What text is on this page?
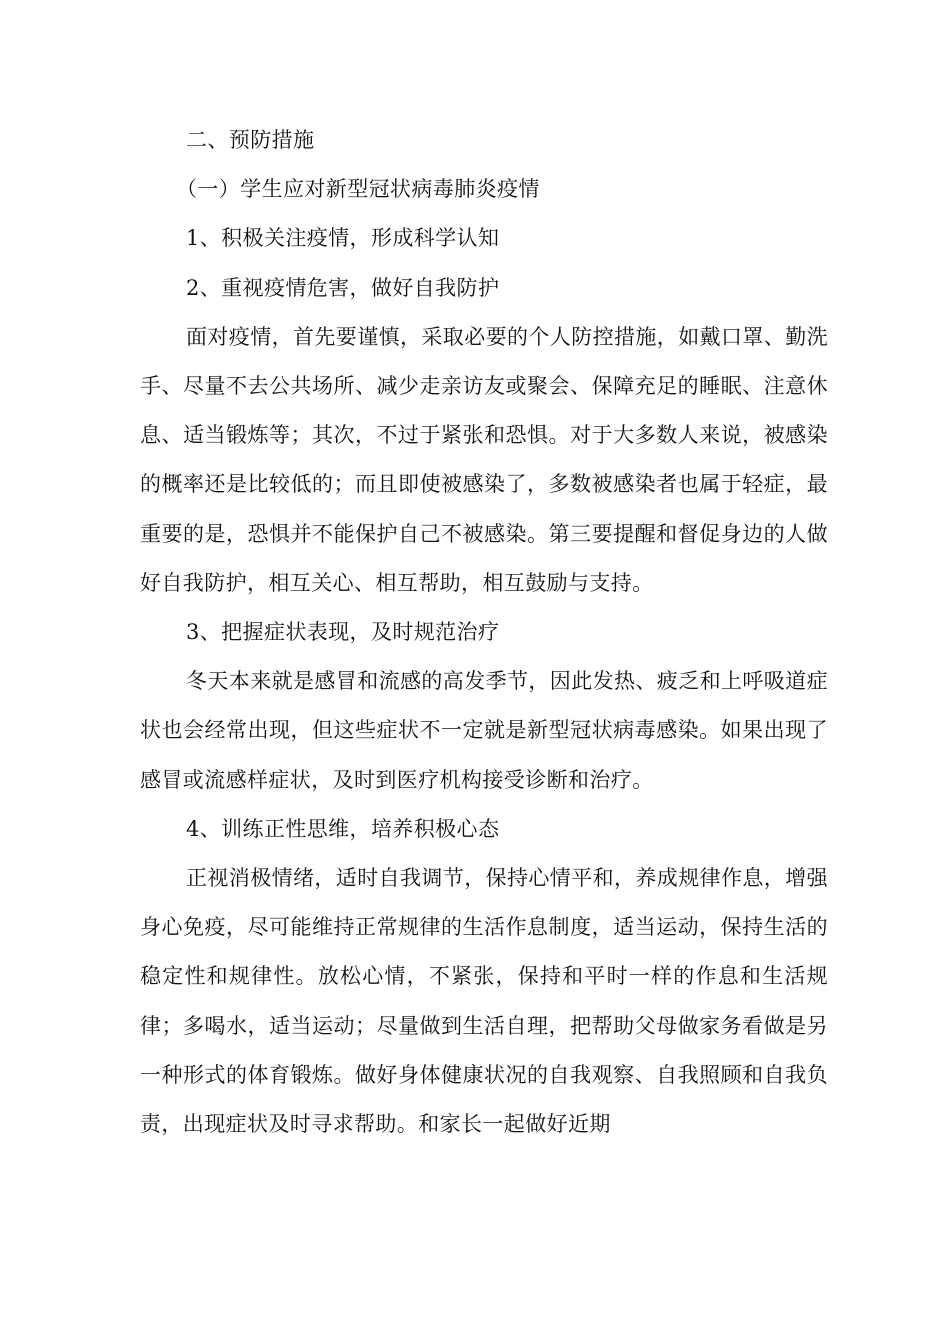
二、预防措施

（一）学生应对新型冠状病毒肺炎疫情

1、积极关注疫情，形成科学认知

2、重视疫情危害，做好自我防护

面对疫情，首先要谨慎，采取必要的个人防控措施，如戴口罩、勤洗手、尽量不去公共场所、减少走亲访友或聚会、保障充足的睡眠、注意休息、适当锻炼等；其次，不过于紧张和恐惧。对于大多数人来说，被感染的概率还是比较低的；而且即使被感染了，多数被感染者也属于轻症，最重要的是，恐惧并不能保护自己不被感染。第三要提醒和督促身边的人做好自我防护，相互关心、相互帮助，相互鼓励与支持。

3、把握症状表现，及时规范治疗

冬天本来就是感冒和流感的高发季节，因此发热、疲乏和上呼吸道症状也会经常出现，但这些症状不一定就是新型冠状病毒感染。如果出现了感冒或流感样症状，及时到医疗机构接受诊断和治疗。

4、训练正性思维，培养积极心态

正视消极情绪，适时自我调节，保持心情平和，养成规律作息，增强身心免疫，尽可能维持正常规律的生活作息制度，适当运动，保持生活的稳定性和规律性。放松心情，不紧张，保持和平时一样的作息和生活规律；多喝水，适当运动；尽量做到生活自理，把帮助父母做家务看做是另一种形式的体育锻炼。做好身体健康状况的自我观察、自我照顾和自我负责，出现症状及时寻求帮助。和家长一起做好近期
